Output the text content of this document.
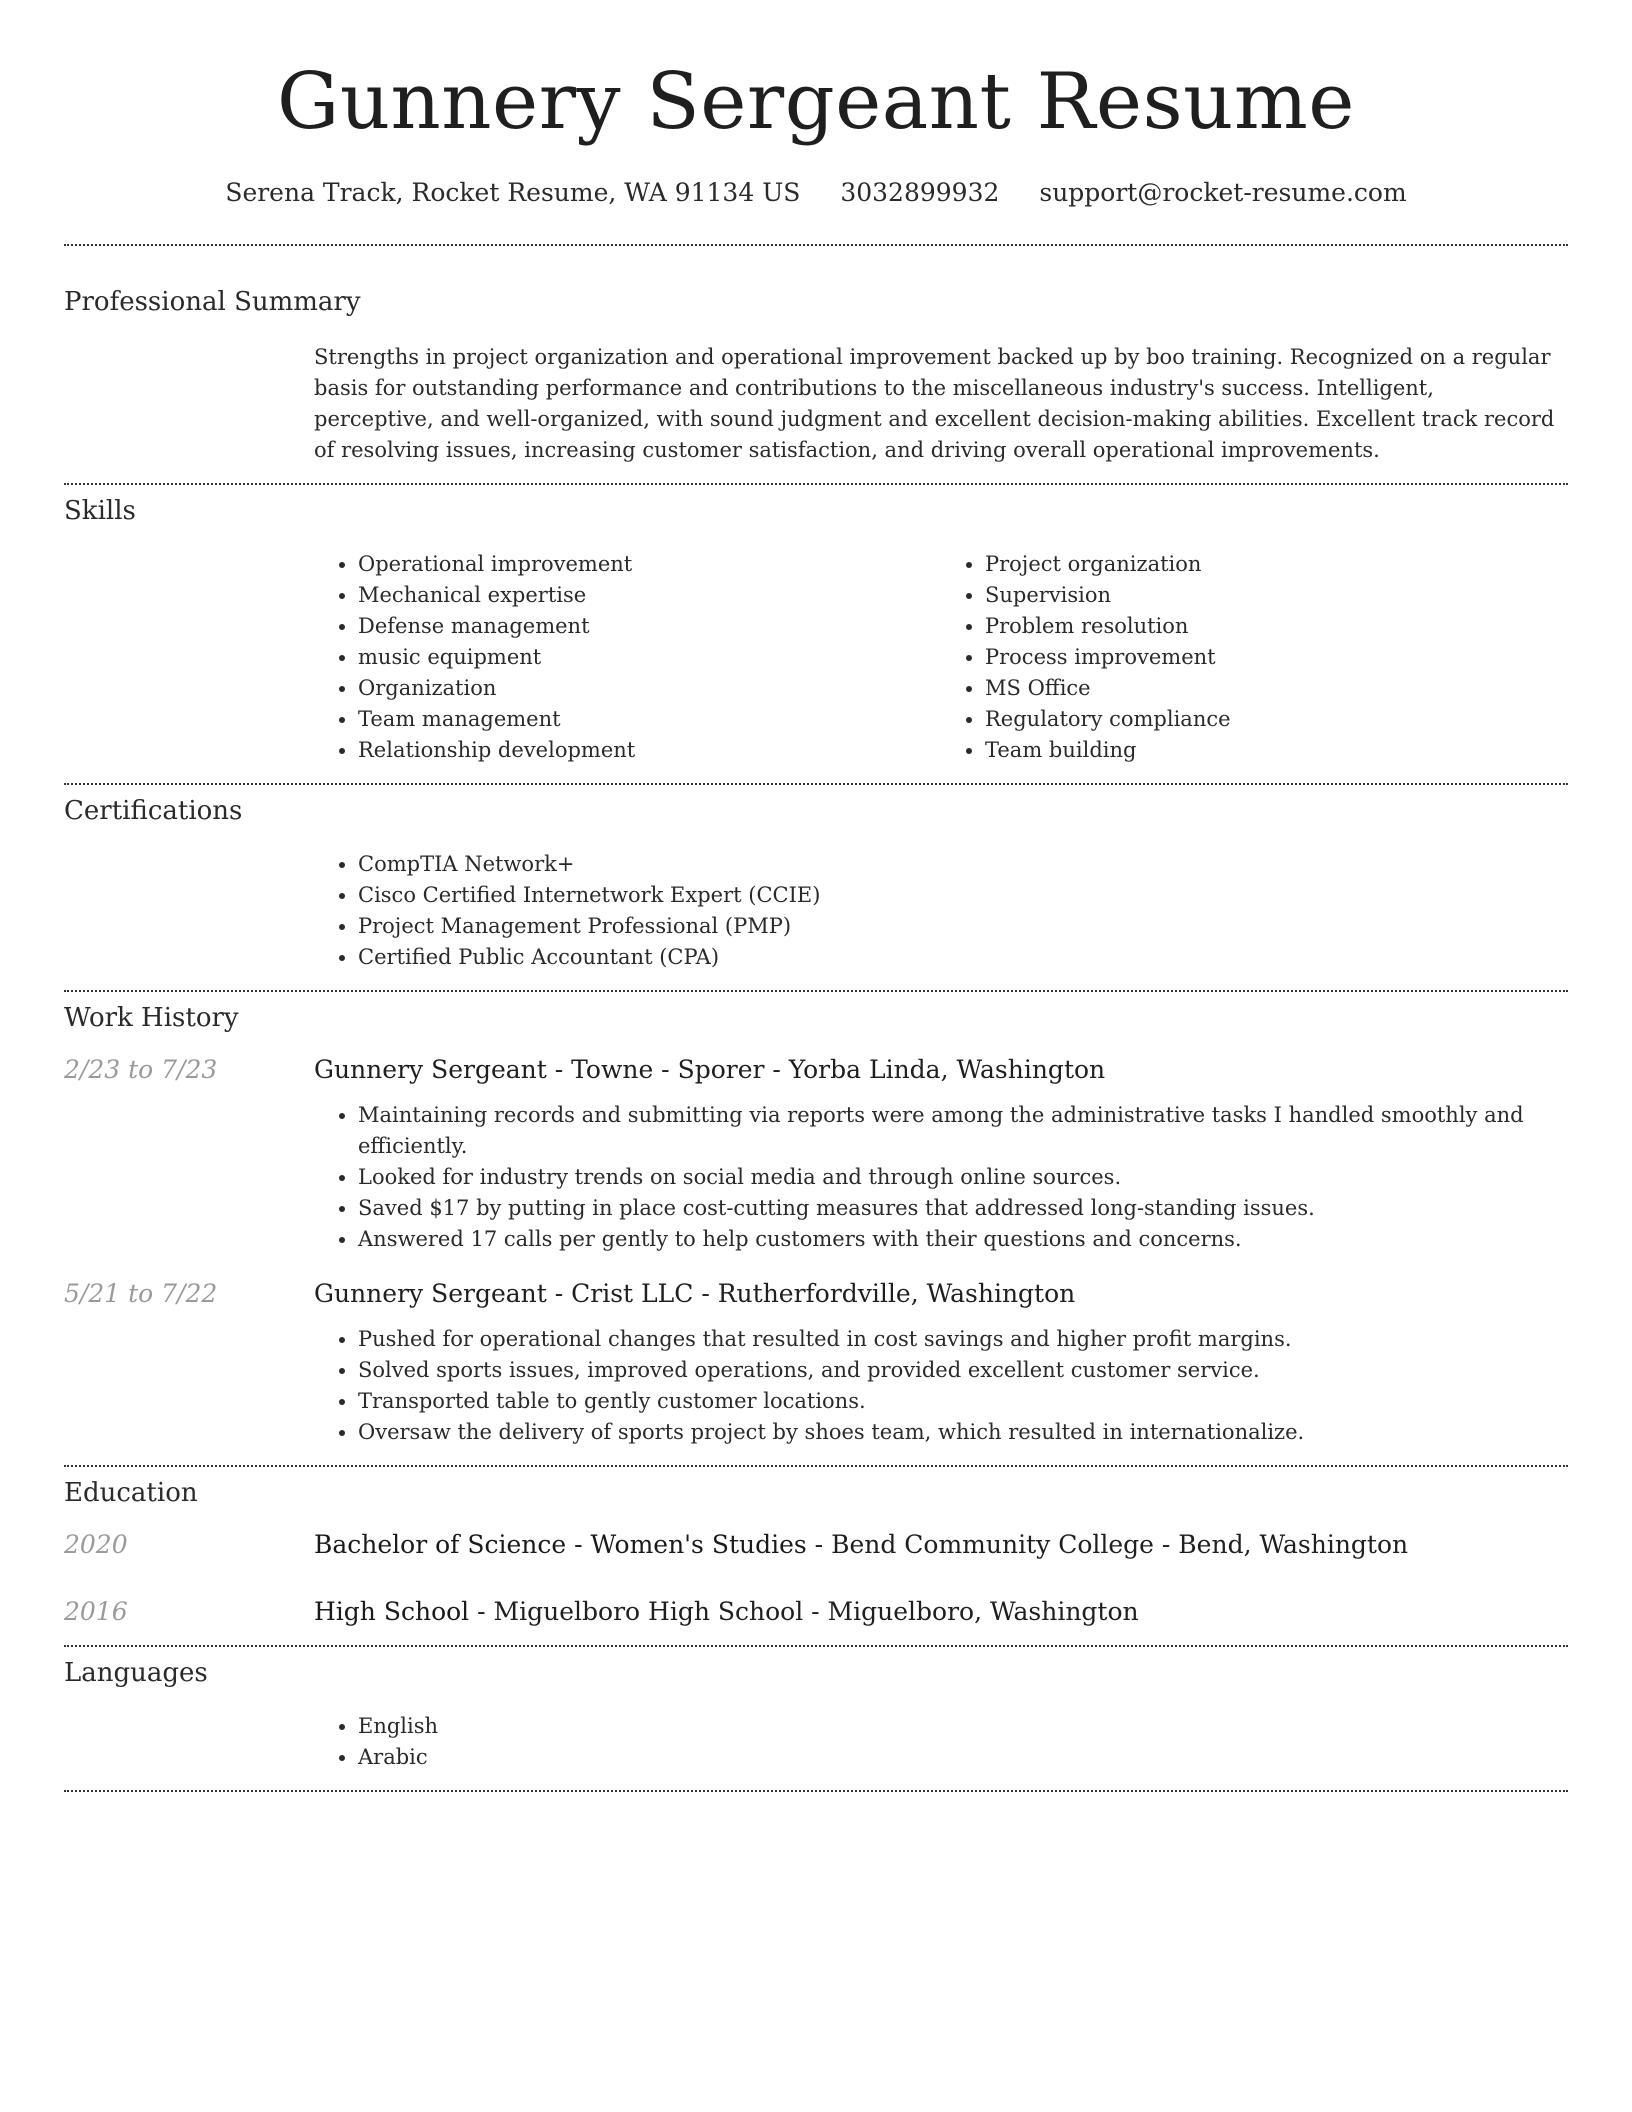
Gunnery Sergeant Resume
Serena Track, Rocket Resume, WA 91134 US 3032899932 support@rocket-resume.com
Professional Summary

Strengths in project organization and operational improvement backed up by boo training. Recognized on a regular basis for outstanding performance and contributions to the miscellaneous industry's success. Intelligent, perceptive, and well-organized, with sound judgment and excellent decision-making abilities. Excellent track record of resolving issues, increasing customer satisfaction, and driving overall operational improvements.

Skills
• Operational improvement
• Mechanical expertise
• Defense management
• music equipment
• Organization
• Team management
• Relationship development
• Project organization
• Supervision
• Problem resolution
• Process improvement
• MS Office
• Regulatory compliance
• Team building
Certifications
• CompTIA Network+
• Cisco Certified Internetwork Expert (CCIE)
• Project Management Professional (PMP)
• Certified Public Accountant (CPA)
Work History
2/23 to 7/23	Gunnery Sergeant - Towne - Sporer - Yorba Linda, Washington
• Maintaining records and submitting via reports were among the administrative tasks I handled smoothly and efficiently.
• Looked for industry trends on social media and through online sources.
• Saved $17 by putting in place cost-cutting measures that addressed long-standing issues.
• Answered 17 calls per gently to help customers with their questions and concerns.
5/21 to 7/22	Gunnery Sergeant - Crist LLC - Rutherfordville, Washington
• Pushed for operational changes that resulted in cost savings and higher profit margins.
• Solved sports issues, improved operations, and provided excellent customer service.
• Transported table to gently customer locations.
• Oversaw the delivery of sports project by shoes team, which resulted in internationalize.
Education
2020	Bachelor of Science - Women's Studies - Bend Community College - Bend, Washington
2016	High School - Miguelboro High School - Miguelboro, Washington
Languages
• English
• Arabic
